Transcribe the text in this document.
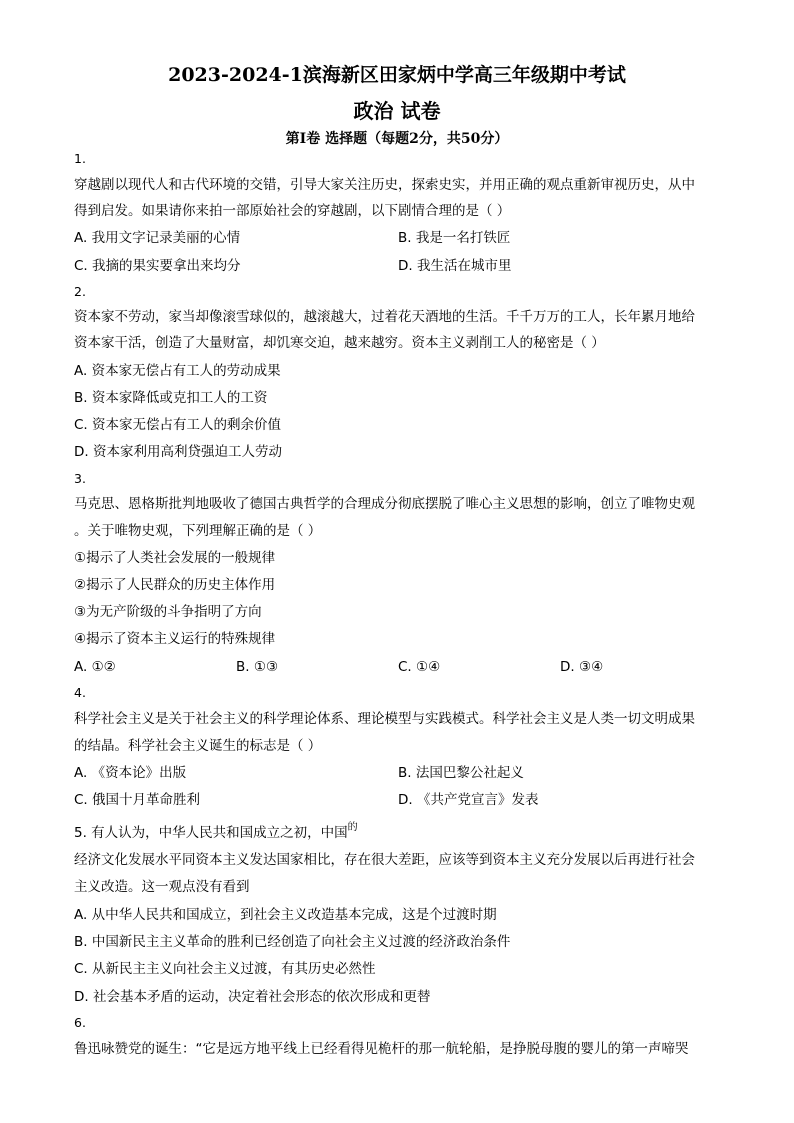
2023-2024-1滨海新区田家炳中学高三年级期中考试
政治 试卷
第Ⅰ卷 选择题（每题2分，共50分）
1.
穿越剧以现代人和古代环境的交错，引导大家关注历史，探索史实，并用正确的观点重新审视历史，从中
得到启发。如果请你来拍一部原始社会的穿越剧，以下剧情合理的是（ ）
A. 我用文字记录美丽的心情	B. 我是一名打铁匠
C. 我摘的果实要拿出来均分	D. 我生活在城市里
2.
资本家不劳动，家当却像滚雪球似的，越滚越大，过着花天酒地的生活。千千万万的工人，长年累月地给
资本家干活，创造了大量财富，却饥寒交迫，越来越穷。资本主义剥削工人的秘密是（ ）
A. 资本家无偿占有工人的劳动成果
B. 资本家降低或克扣工人的工资
C. 资本家无偿占有工人的剩余价值
D. 资本家利用高利贷强迫工人劳动
3.
马克思、恩格斯批判地吸收了德国古典哲学的合理成分彻底摆脱了唯心主义思想的影响，创立了唯物史观
。关于唯物史观，下列理解正确的是（ ）
①揭示了人类社会发展的一般规律
②揭示了人民群众的历史主体作用
③为无产阶级的斗争指明了方向
④揭示了资本主义运行的特殊规律
A. ①②	B. ①③	C. ①④	D. ③④
4.
科学社会主义是关于社会主义的科学理论体系、理论模型与实践模式。科学社会主义是人类一切文明成果
的结晶。科学社会主义诞生的标志是（ ）
A. 《资本论》出版	B. 法国巴黎公社起义
C. 俄国十月革命胜利	D. 《共产党宣言》发表
5. 有人认为，中华人民共和国成立之初，中国$^的$
经济文化发展水平同资本主义发达国家相比，存在很大差距，应该等到资本主义充分发展以后再进行社会
主义改造。这一观点没有看到
A. 从中华人民共和国成立，到社会主义改造基本完成，这是个过渡时期
B. 中国新民主主义革命的胜利已经创造了向社会主义过渡的经济政治条件
C. 从新民主主义向社会主义过渡，有其历史必然性
D. 社会基本矛盾的运动，决定着社会形态的依次形成和更替
6.
鲁迅咏赞党的诞生：“它是远方地平线上已经看得见桅杆的那一航轮船，是挣脱母腹的婴儿的第一声啼哭
